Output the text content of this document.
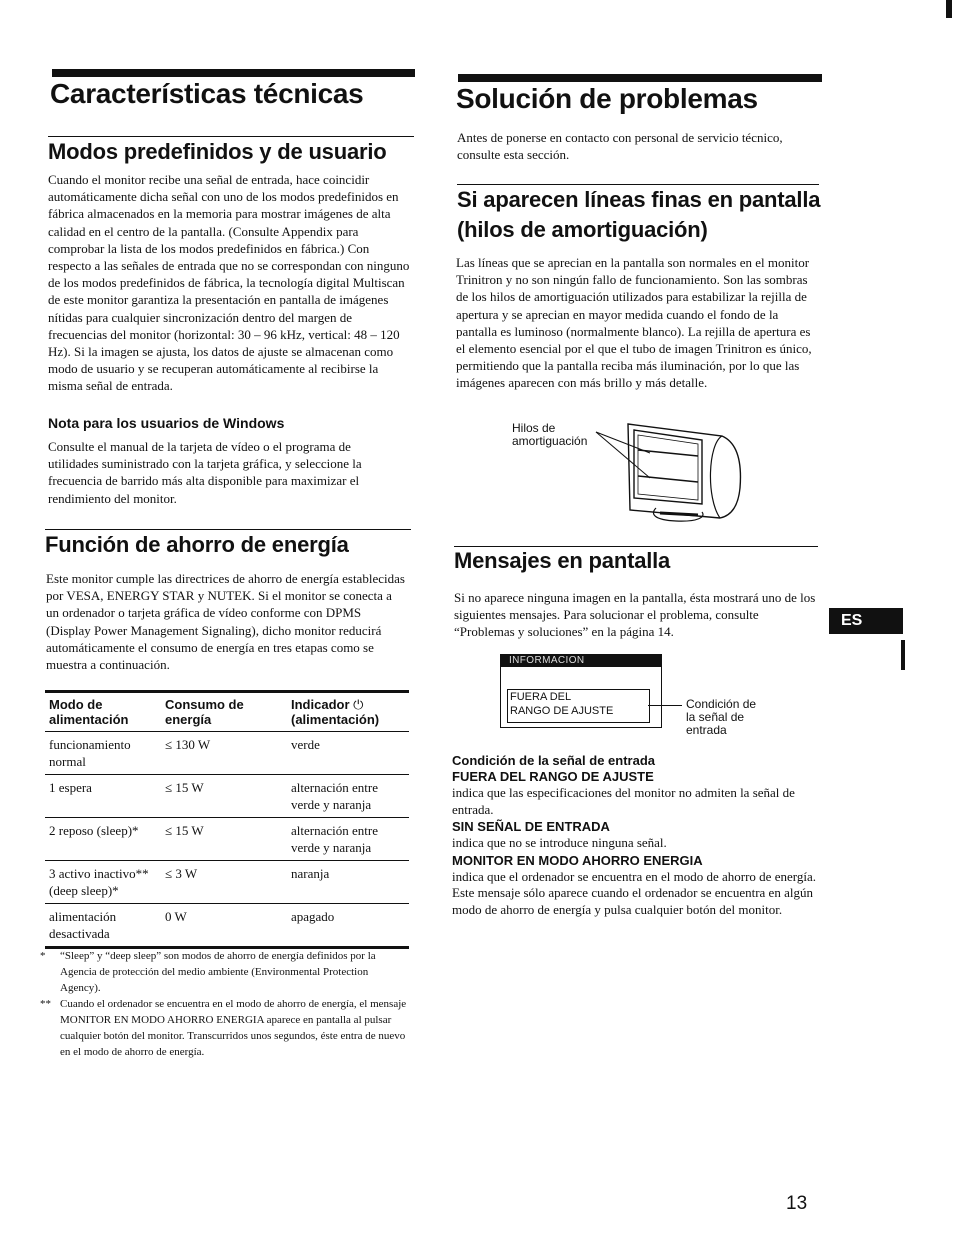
Características técnicas
Modos predefinidos y de usuario

Cuando el monitor recibe una señal de entrada, hace coincidir automáticamente dicha señal con uno de los modos predefinidos en fábrica almacenados en la memoria para mostrar imágenes de alta calidad en el centro de la pantalla. (Consulte Appendix para comprobar la lista de los modos predefinidos en fábrica.) Con respecto a las señales de entrada que no se correspondan con ninguno de los modos predefinidos de fábrica, la tecnología digital Multiscan de este monitor garantiza la presentación en pantalla de imágenes nítidas para cualquier sincronización dentro del margen de frecuencias del monitor (horizontal: 30 – 96 kHz, vertical: 48 – 120 Hz). Si la imagen se ajusta, los datos de ajuste se almacenan como modo de usuario y se recuperan automáticamente al recibirse la misma señal de entrada.

Nota para los usuarios de Windows

Consulte el manual de la tarjeta de vídeo o el programa de utilidades suministrado con la tarjeta gráfica, y seleccione la frecuencia de barrido más alta disponible para maximizar el rendimiento del monitor.

Función de ahorro de energía

Este monitor cumple las directrices de ahorro de energía establecidas por VESA, ENERGY STAR y NUTEK. Si el monitor se conecta a un ordenador o tarjeta gráfica de vídeo conforme con DPMS (Display Power Management Signaling), dicho monitor reducirá automáticamente el consumo de energía en tres etapas como se muestra a continuación.

Modo de alimentación	Consumo de energía	Indicador ⏻
(alimentación)
funcionamiento normal	≤ 130 W	verde
1 espera	≤ 15 W	alternación entre verde y naranja
2 reposo (sleep)*	≤ 15 W	alternación entre verde y naranja
3 activo inactivo** (deep sleep)*	≤ 3 W	naranja
alimentación desactivada	0 W	apagado
* “Sleep” y “deep sleep” son modos de ahorro de energía definidos por la Agencia de protección del medio ambiente (Environmental Protection Agency).
** Cuando el ordenador se encuentra en el modo de ahorro de energía, el mensaje MONITOR EN MODO AHORRO ENERGIA aparece en pantalla al pulsar cualquier botón del monitor. Transcurridos unos segundos, éste entra de nuevo en el modo de ahorro de energía.
Solución de problemas

Antes de ponerse en contacto con personal de servicio técnico, consulte esta sección.

Si aparecen líneas finas en pantalla (hilos de amortiguación)

Las líneas que se aprecian en la pantalla son normales en el monitor Trinitron y no son ningún fallo de funcionamiento. Son las sombras de los hilos de amortiguación utilizados para estabilizar la rejilla de apertura y se aprecian en mayor medida cuando el fondo de la pantalla es luminoso (normalmente blanco). La rejilla de apertura es el elemento esencial por el que el tubo de imagen Trinitron es único, permitiendo que la pantalla reciba más iluminación, por lo que las imágenes aparecen con más brillo y más detalle.

Hilos de amortiguación
Mensajes en pantalla

Si no aparece ninguna imagen en la pantalla, ésta mostrará uno de los siguientes mensajes. Para solucionar el problema, consulte “Problemas y soluciones” en la página 14.

INFORMACION
FUERA DEL
RANGO DE AJUSTE	Condición de la señal de entrada
Condición de la señal de entrada
FUERA DEL RANGO DE AJUSTE
indica que las especificaciones del monitor no admiten la señal de entrada.
SIN SEÑAL DE ENTRADA
indica que no se introduce ninguna señal.
MONITOR EN MODO AHORRO ENERGIA
indica que el ordenador se encuentra en el modo de ahorro de energía. Este mensaje sólo aparece cuando el ordenador se encuentra en algún modo de ahorro de energía y pulsa cualquier botón del monitor.
ES
13
